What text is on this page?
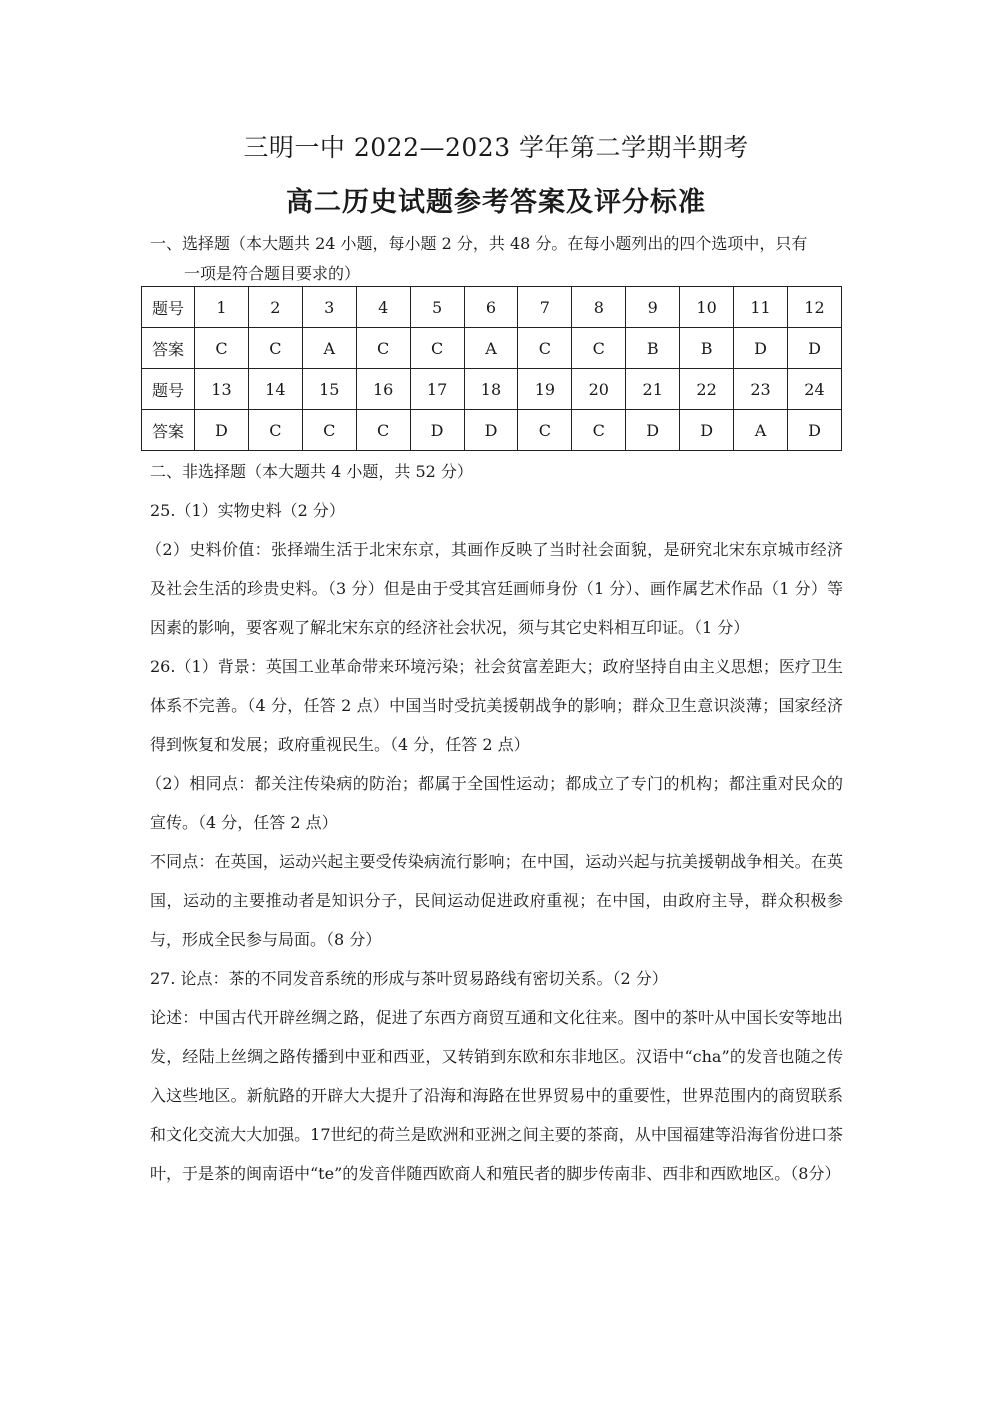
三明一中 2022—2023 学年第二学期半期考
高二历史试题参考答案及评分标准
一、选择题（本大题共 24 小题，每小题 2 分，共 48 分。在每小题列出的四个选项中，只有
一项是符合题目要求的）
题号	1	2	3	4	5	6	7	8	9	10	11	12
答案	C	C	A	C	C	A	C	C	B	B	D	D
题号	13	14	15	16	17	18	19	20	21	22	23	24
答案	D	C	C	C	D	D	C	C	D	D	A	D

二、非选择题（本大题共 4 小题，共 52 分）

25.（1）实物史料（2 分）

（2）史料价值：张择端生活于北宋东京，其画作反映了当时社会面貌，是研究北宋东京城市经济及社会生活的珍贵史料。（3 分）但是由于受其宫廷画师身份（1 分）、画作属艺术作品（1 分）等因素的影响，要客观了解北宋东京的经济社会状况，须与其它史料相互印证。（1 分）

26.（1）背景：英国工业革命带来环境污染；社会贫富差距大；政府坚持自由主义思想；医疗卫生体系不完善。（4 分，任答 2 点）中国当时受抗美援朝战争的影响；群众卫生意识淡薄；国家经济得到恢复和发展；政府重视民生。（4 分，任答 2 点）

（2）相同点：都关注传染病的防治；都属于全国性运动；都成立了专门的机构；都注重对民众的宣传。（4 分，任答 2 点）

不同点：在英国，运动兴起主要受传染病流行影响；在中国，运动兴起与抗美援朝战争相关。在英国，运动的主要推动者是知识分子，民间运动促进政府重视；在中国，由政府主导，群众积极参与，形成全民参与局面。（8 分）

27. 论点：茶的不同发音系统的形成与茶叶贸易路线有密切关系。（2 分）

论述：中国古代开辟丝绸之路，促进了东西方商贸互通和文化往来。图中的茶叶从中国长安等地出发，经陆上丝绸之路传播到中亚和西亚，又转销到东欧和东非地区。汉语中“cha”的发音也随之传入这些地区。新航路的开辟大大提升了沿海和海路在世界贸易中的重要性，世界范围内的商贸联系和文化交流大大加强。17世纪的荷兰是欧洲和亚洲之间主要的茶商，从中国福建等沿海省份进口茶叶，于是茶的闽南语中“te”的发音伴随西欧商人和殖民者的脚步传南非、西非和西欧地区。（8分）
